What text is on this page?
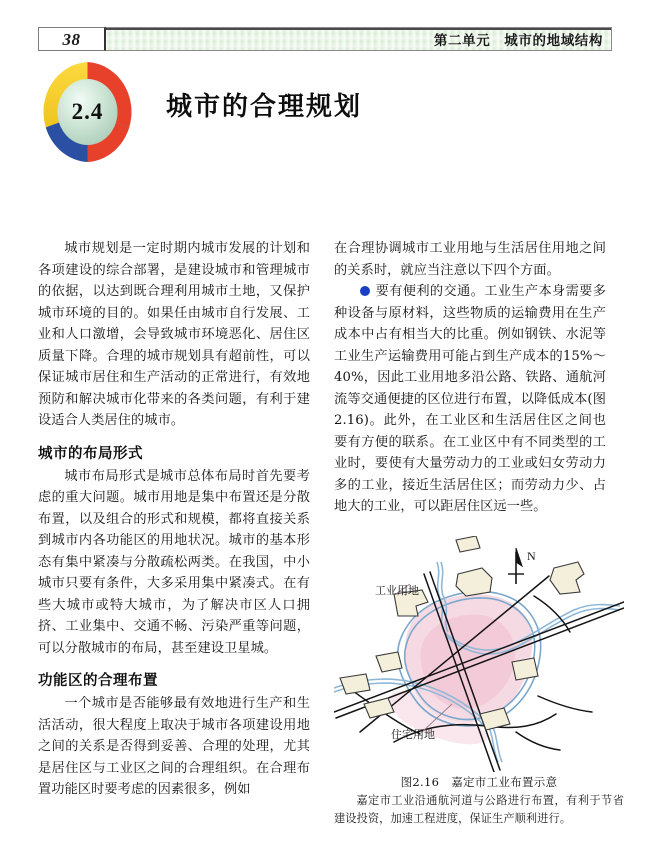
38	第二单元 城市的地域结构
2.4	城市的合理规划

城市规划是一定时期内城市发展的计划和各项建设的综合部署，是建设城市和管理城市的依据，以达到既合理利用城市土地，又保护城市环境的目的。如果任由城市自行发展、工业和人口激增，会导致城市环境恶化、居住区质量下降。合理的城市规划具有超前性，可以保证城市居住和生产活动的正常进行，有效地预防和解决城市化带来的各类问题，有利于建设适合人类居住的城市。

城市的布局形式

城市布局形式是城市总体布局时首先要考虑的重大问题。城市用地是集中布置还是分散布置，以及组合的形式和规模，都将直接关系到城市内各功能区的用地状况。城市的基本形态有集中紧凑与分散疏松两类。在我国，中小城市只要有条件，大多采用集中紧凑式。在有些大城市或特大城市，为了解决市区人口拥挤、工业集中、交通不畅、污染严重等问题，可以分散城市的布局，甚至建设卫星城。

功能区的合理布置

一个城市是否能够最有效地进行生产和生活活动，很大程度上取决于城市各项建设用地之间的关系是否得到妥善、合理的处理，尤其是居住区与工业区之间的合理组织。在合理布置功能区时要考虑的因素很多，例如

在合理协调城市工业用地与生活居住用地之间的关系时，就应当注意以下四个方面。

要有便利的交通。工业生产本身需要多种设备与原材料，这些物质的运输费用在生产成本中占有相当大的比重。例如钢铁、水泥等工业生产运输费用可能占到生产成本的15%～40%，因此工业用地多沿公路、铁路、通航河流等交通便捷的区位进行布置，以降低成本(图2.16)。此外，在工业区和生活居住区之间也要有方便的联系。在工业区中有不同类型的工业时，要使有大量劳动力的工业或妇女劳动力多的工业，接近生活居住区；而劳动力少、占地大的工业，可以距居住区远一些。

工业用地
住宅用地
N
图2.16 嘉定市工业布置示意

嘉定市工业沿通航河道与公路进行布置，有利于节省建设投资，加速工程进度，保证生产顺利进行。
